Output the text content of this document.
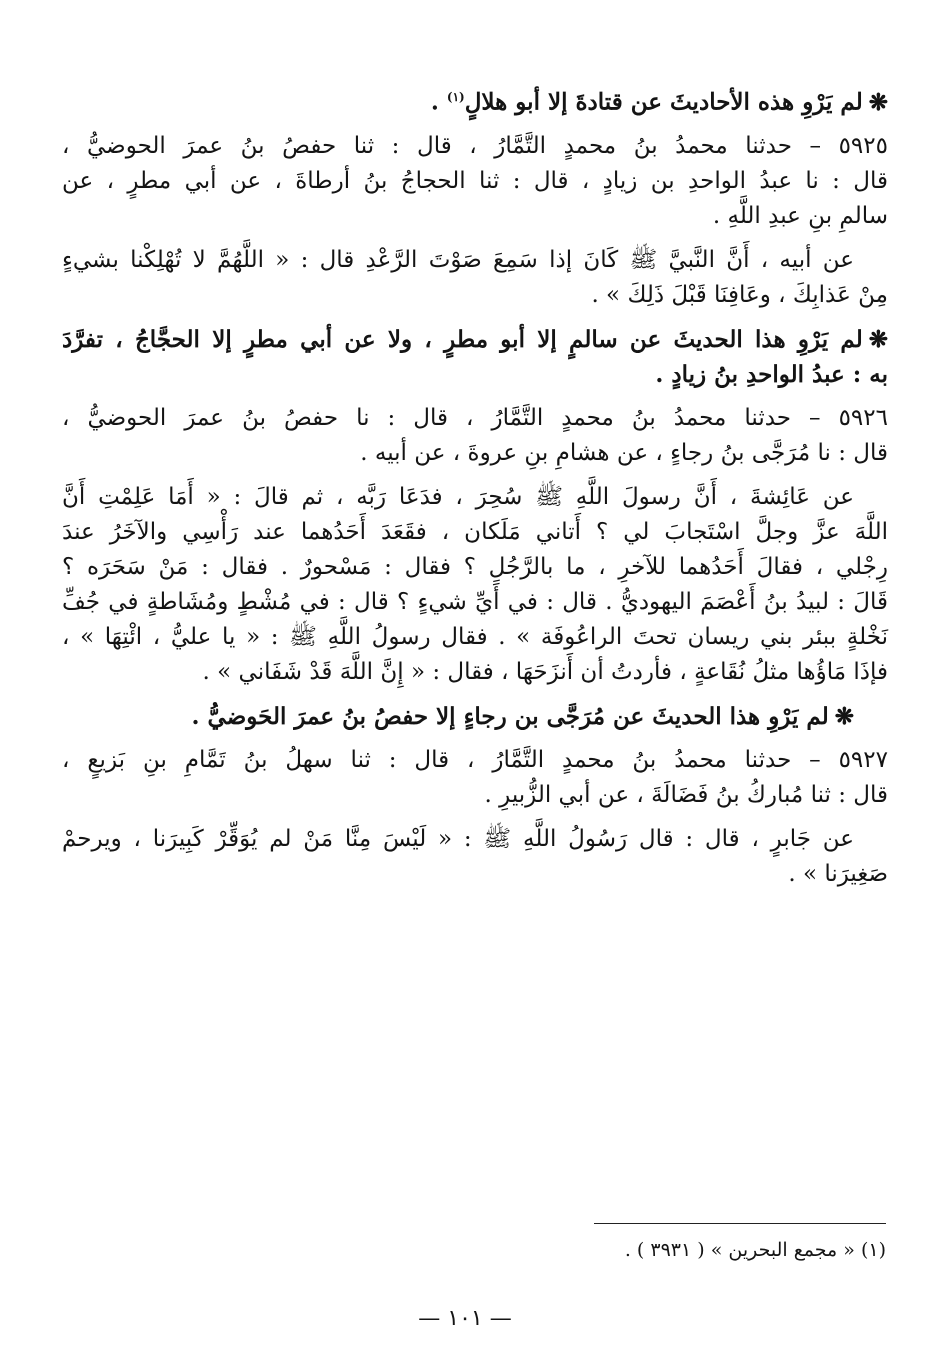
❋لم يَرْوِ هذه الأحاديثَ عن قتادةَ إلا أبو هلالٍ$^{(١)}$ .
٥٩٢٥ – حدثنا محمدُ بنُ محمدٍ التَّمَّارُ ، قال : ثنا حفصُ بنُ عمرَ الحوضيُّ ،
قال : نا عبدُ الواحدِ بن زيادٍ ، قال : ثنا الحجاجُ بنُ أرطاةَ ، عن أبي مطرٍ ، عن
سالمِ بنِ عبدِ اللَّهِ .
عن أبيه ، أَنَّ النَّبيَّ ﷺ كَانَ إذا سَمِعَ صَوْتَ الرَّعْدِ قال : « اللَّهُمَّ لا تُهْلِكْنا بشيءٍ
مِنْ عَذابِكَ ، وعَافِنَا قَبْلَ ذَلِكَ » .
❋لم يَرْوِ هذا الحديثَ عن سالمٍ إلا أبو مطرٍ ، ولا عن أبي مطرٍ إلا الحجَّاجُ ، تفرَّدَ
به : عبدُ الواحدِ بنُ زيادٍ .
٥٩٢٦ – حدثنا محمدُ بنُ محمدٍ التَّمَّارُ ، قال : نا حفصُ بنُ عمرَ الحوضيُّ ،
قال : نا مُرَجَّى بنُ رجاءٍ ، عن هشامِ بنِ عروةَ ، عن أبيه .
عن عَائِشةَ ، أَنَّ رسولَ اللَّهِ ﷺ سُحِرَ ، فدَعَا رَبَّه ، ثم قالَ : « أَمَا عَلِمْتِ أَنَّ
اللَّهَ عزَّ وجلَّ اسْتَجابَ لي ؟ أَتاني مَلَكان ، فقَعَدَ أَحَدُهما عند رَأْسِي والآخَرُ عندَ
رِجْلي ، فقالَ أَحَدُهما للآخرِ ، ما بالرَّجُلِ ؟ فقال : مَسْحورٌ . فقال : مَنْ سَحَرَه ؟
قَالَ : لبيدُ بنُ أَعْصَمَ اليهوديُّ . قال : في أَيِّ شيءٍ ؟ قال : في مُشْطٍ ومُشَاطةٍ في جُفِّ
نَخْلةٍ ببئر بني ريسان تحتَ الراعُوفَة » . فقال رسولُ اللَّهِ ﷺ : « يا عليُّ ، ائْتِهَا » ،
فإذَا مَاؤُها مثلُ نُقَاعةٍ ، فأردتُ أن أَنزَحَهَا ، فقال : « إِنَّ اللَّهَ قَدْ شَفَاني » .
❋لم يَرْوِ هذا الحديثَ عن مُرَجَّى بن رجاءٍ إلا حفصُ بنُ عمرَ الحَوضيُّ .
٥٩٢٧ – حدثنا محمدُ بنُ محمدٍ التَّمَّارُ ، قال : ثنا سهلُ بنُ تَمَّامِ بنِ بَزيعٍ ،
قال : ثنا مُباركُ بنُ فَضَالَةَ ، عن أبي الزُّبيرِ .
عن جَابرٍ ، قال : قال رَسُولُ اللَّهِ ﷺ : « لَيْسَ مِنَّا مَنْ لم يُوَقِّرْ كَبِيرَنا ، ويرحمْ
صَغِيرَنا » .
(١) « مجمع البحرين » ( ٣٩٣١ ) .
— ١٠١ —
